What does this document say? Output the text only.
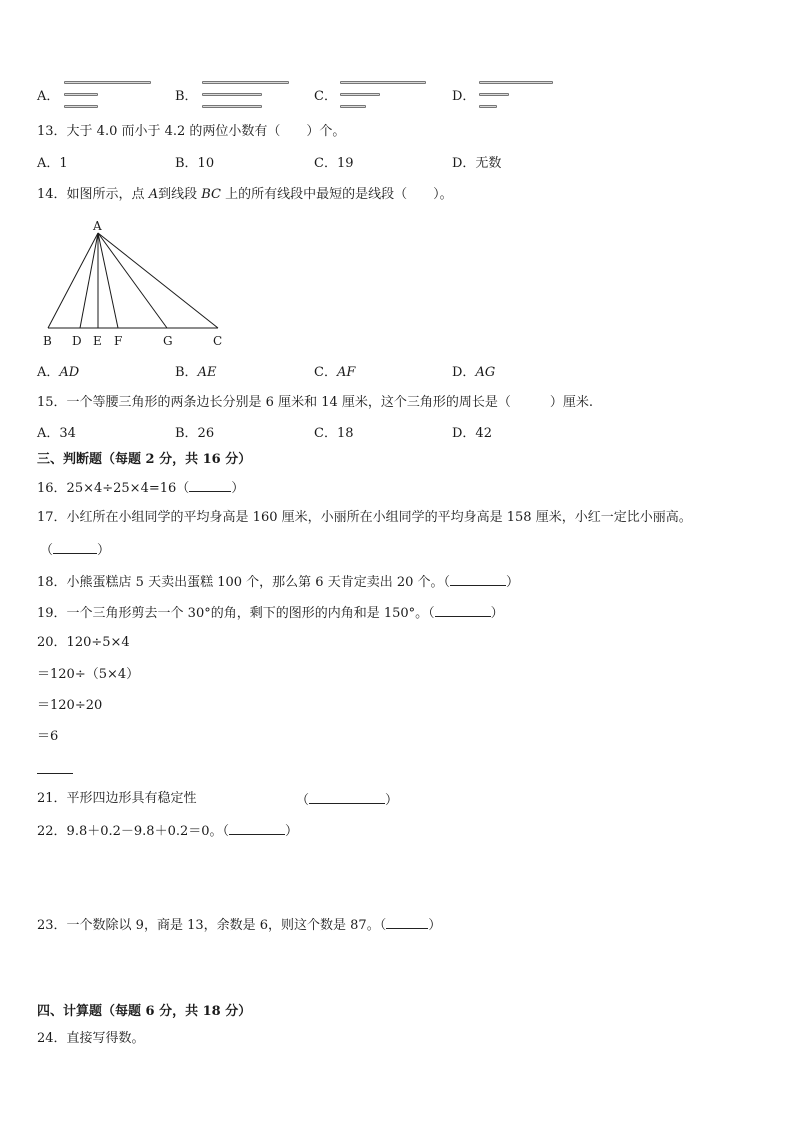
A．	B．	C．	D．
13．大于 4.0 而小于 4.2 的两位小数有（　　）个。
A．1	B．10	C．19	D．无数
14．如图所示，点 A到线段 BC 上的所有线段中最短的是线段（　　）。
A
B D E F	G	C
A．AD	B．AE	C．AF	D．AG
15．一个等腰三角形的两条边长分别是 6 厘米和 14 厘米，这个三角形的周长是（　　　）厘米.
A．34	B．26	C．18	D．42
三、判断题（每题 2 分，共 16 分）
16．25×4÷25×4=16（	）
17．小红所在小组同学的平均身高是 160 厘米，小丽所在小组同学的平均身高是 158 厘米，小红一定比小丽高。
（	）
18．小熊蛋糕店 5 天卖出蛋糕 100 个，那么第 6 天肯定卖出 20 个。（	）
19．一个三角形剪去一个 30°的角，剩下的图形的内角和是 150°。（	）
20．120÷5×4
＝120÷（5×4）
＝120÷20
＝6
21．平形四边形具有稳定性	（	）
22．9.8＋0.2－9.8＋0.2＝0。（	）
23．一个数除以 9，商是 13，余数是 6，则这个数是 87。（	）
四、计算题（每题 6 分，共 18 分）
24．直接写得数。
